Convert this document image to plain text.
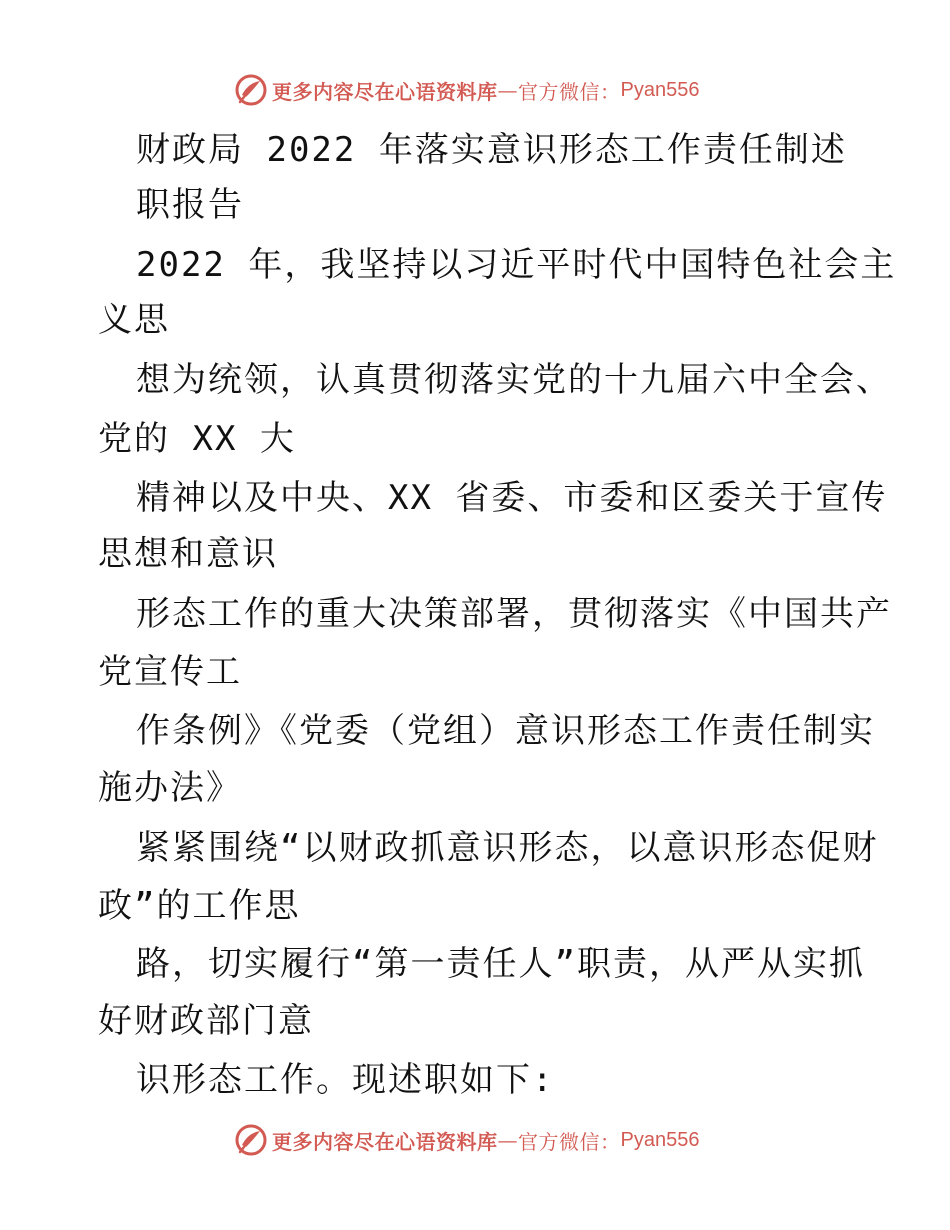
更多内容尽在心语资料库 — 官方微信： Pyan556
财政局 2022 年落实意识形态工作责任制述
职报告
2022 年，我坚持以习近平时代中国特色社会主
义思
想为统领，认真贯彻落实党的十九届六中全会、
党的 XX 大
精神以及中央、XX 省委、市委和区委关于宣传
思想和意识
形态工作的重大决策部署，贯彻落实《中国共产
党宣传工
作条例》《党委（党组）意识形态工作责任制实
施办法》
紧紧围绕“以财政抓意识形态，以意识形态促财
政”的工作思
路，切实履行“第一责任人”职责，从严从实抓
好财政部门意
识形态工作。现述职如下:
更多内容尽在心语资料库 — 官方微信： Pyan556
